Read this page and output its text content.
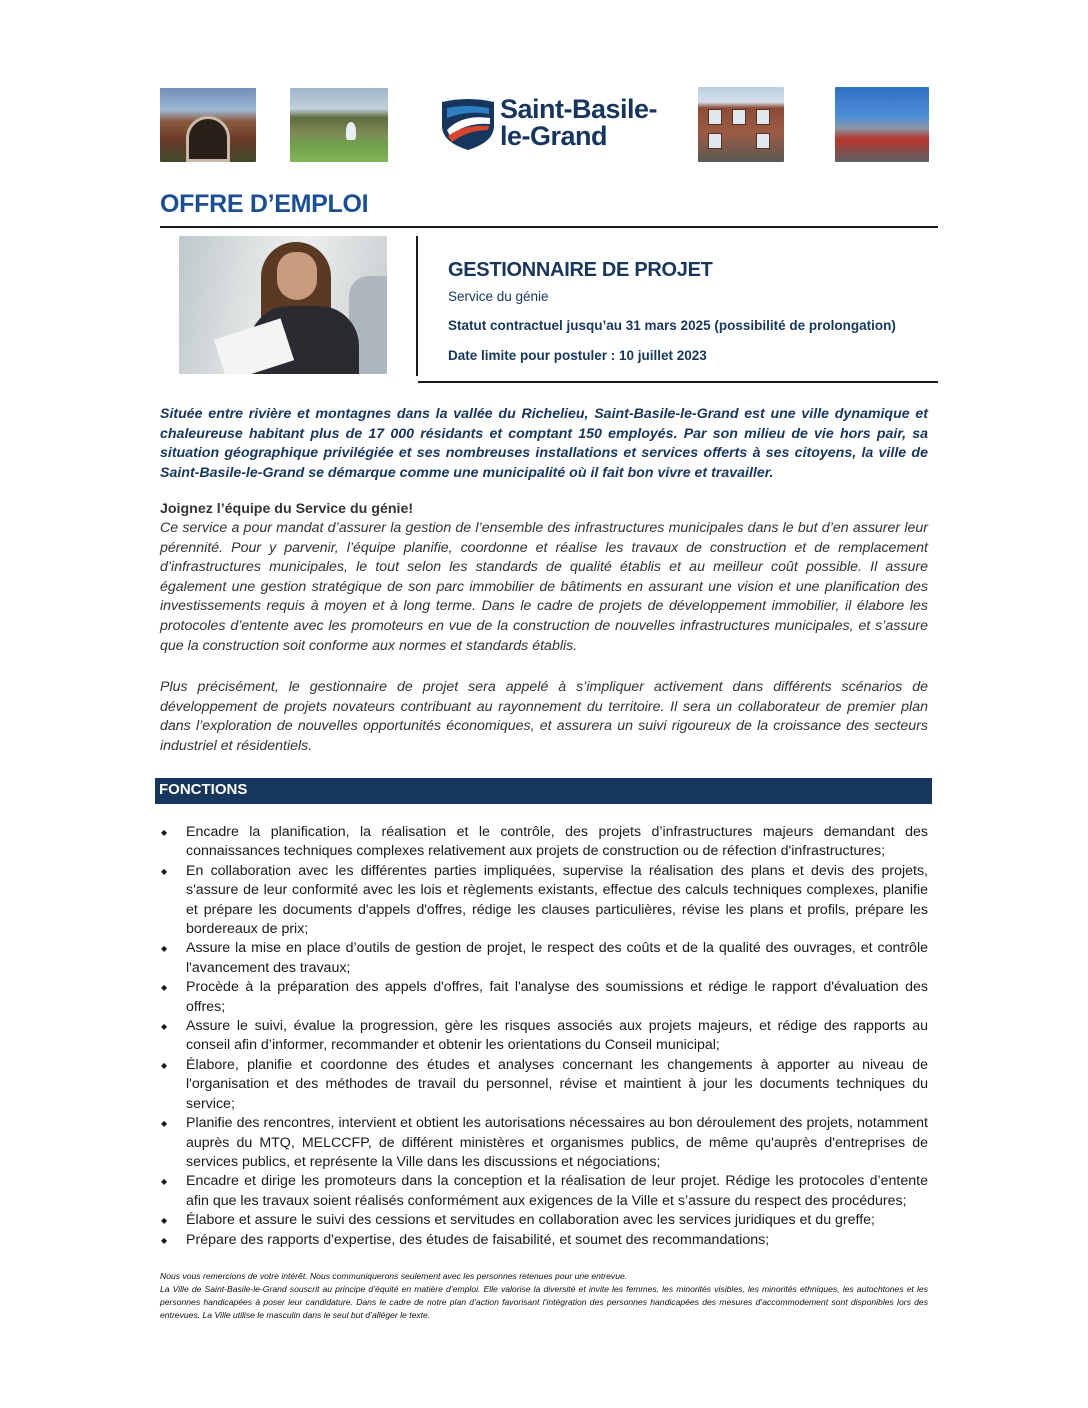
Saint-Basile-
le-Grand
OFFRE D’EMPLOI
GESTIONNAIRE DE PROJET
Service du génie
Statut contractuel jusqu’au 31 mars 2025 (possibilité de prolongation)
Date limite pour postuler : 10 juillet 2023
Située entre rivière et montagnes dans la vallée du Richelieu, Saint-Basile-le-Grand est une ville dynamique et chaleureuse habitant plus de 17 000 résidants et comptant 150 employés. Par son milieu de vie hors pair, sa situation géographique privilégiée et ses nombreuses installations et services offerts à ses citoyens, la ville de Saint-Basile-le-Grand se démarque comme une municipalité où il fait bon vivre et travailler.
Joignez l’équipe du Service du génie!
Ce service a pour mandat d’assurer la gestion de l’ensemble des infrastructures municipales dans le but d’en assurer leur pérennité. Pour y parvenir, l’équipe planifie, coordonne et réalise les travaux de construction et de remplacement d’infrastructures municipales, le tout selon les standards de qualité établis et au meilleur coût possible. Il assure également une gestion stratégique de son parc immobilier de bâtiments en assurant une vision et une planification des investissements requis à moyen et à long terme. Dans le cadre de projets de développement immobilier, il élabore les protocoles d’entente avec les promoteurs en vue de la construction de nouvelles infrastructures municipales, et s’assure que la construction soit conforme aux normes et standards établis.
Plus précisément, le gestionnaire de projet sera appelé à s’impliquer activement dans différents scénarios de développement de projets novateurs contribuant au rayonnement du territoire. Il sera un collaborateur de premier plan dans l’exploration de nouvelles opportunités économiques, et assurera un suivi rigoureux de la croissance des secteurs industriel et résidentiels.
FONCTIONS
◆ Encadre la planification, la réalisation et le contrôle, des projets d’infrastructures majeurs demandant des connaissances techniques complexes relativement aux projets de construction ou de réfection d'infrastructures;
◆ En collaboration avec les différentes parties impliquées, supervise la réalisation des plans et devis des projets, s'assure de leur conformité avec les lois et règlements existants, effectue des calculs techniques complexes, planifie et prépare les documents d'appels d'offres, rédige les clauses particulières, révise les plans et profils, prépare les bordereaux de prix;
◆ Assure la mise en place d’outils de gestion de projet, le respect des coûts et de la qualité des ouvrages, et contrôle l'avancement des travaux;
◆ Procède à la préparation des appels d'offres, fait l'analyse des soumissions et rédige le rapport d'évaluation des offres;
◆ Assure le suivi, évalue la progression, gère les risques associés aux projets majeurs, et rédige des rapports au conseil afin d’informer, recommander et obtenir les orientations du Conseil municipal;
◆ Élabore, planifie et coordonne des études et analyses concernant les changements à apporter au niveau de l'organisation et des méthodes de travail du personnel, révise et maintient à jour les documents techniques du service;
◆ Planifie des rencontres, intervient et obtient les autorisations nécessaires au bon déroulement des projets, notamment auprès du MTQ, MELCCFP, de différent ministères et organismes publics, de même qu'auprès d'entreprises de services publics, et représente la Ville dans les discussions et négociations;
◆ Encadre et dirige les promoteurs dans la conception et la réalisation de leur projet. Rédige les protocoles d’entente afin que les travaux soient réalisés conformément aux exigences de la Ville et s’assure du respect des procédures;
◆ Élabore et assure le suivi des cessions et servitudes en collaboration avec les services juridiques et du greffe;
◆ Prépare des rapports d'expertise, des études de faisabilité, et soumet des recommandations;
Nous vous remercions de votre intérêt. Nous communiquerons seulement avec les personnes retenues pour une entrevue.
La Ville de Saint-Basile-le-Grand souscrit au principe d’équité en matière d’emploi. Elle valorise la diversité et invite les femmes, les minorités visibles, les minorités ethniques, les autochtones et les personnes handicapées à poser leur candidature. Dans le cadre de notre plan d’action favorisant l’intégration des personnes handicapées des mesures d’accommodement sont disponibles lors des entrevues. La Ville utilise le masculin dans le seul but d’alléger le texte.
